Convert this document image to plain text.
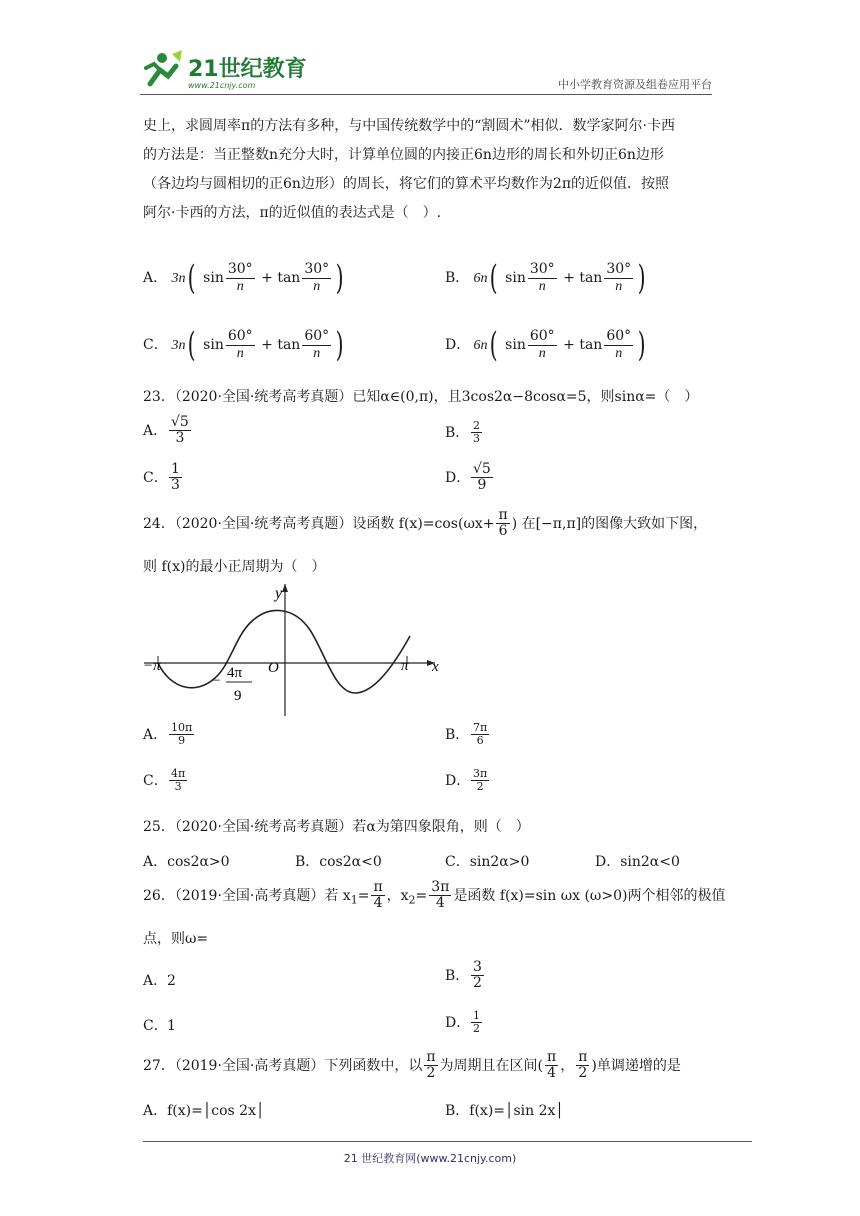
21世纪教育
www.21cnjy.com	中小学教育资源及组卷应用平台
史上，求圆周率π的方法有多种，与中国传统数学中的“割圆术”相似．数学家阿尔·卡西
的方法是：当正整数n充分大时，计算单位圆的内接正6n边形的周长和外切正6n边形
（各边均与圆相切的正6n边形）的周长，将它们的算术平均数作为2π的近似值．按照
阿尔·卡西的方法，π的近似值的表达式是（　）.
A． 3n( $\sin \frac{30^\circ}{n} + \tan \frac{30^\circ}{n}$ )	B． 6n( $\sin \frac{30^\circ}{n} + \tan \frac{30^\circ}{n}$ )
C． 3n( $\sin \frac{60^\circ}{n} + \tan \frac{60^\circ}{n}$ )	D． 6n( $\sin \frac{60^\circ}{n} + \tan \frac{60^\circ}{n}$ )
23．（2020·全国·统考高考真题）已知α∈(0,π)，且3cos2α−8cosα=5，则sinα=（　）
A． $\frac{√5}{3}$	B． $\frac{2}{3}$
C． $\frac{1}{3}$	D． $\frac{√5}{9}$
24．（2020·全国·统考高考真题）设函数 $f(x)=\cos(\omega x+ \frac{\pi}{6}$ ) 在[−π,π]的图像大致如下图，
则 f(x)的最小正周期为（　）
y
x
O
−π	π
− 4π
9
A． $\frac{10\pi}{9}$	B． $\frac{7\pi}{6}$
C． $\frac{4\pi}{3}$	D． $\frac{3\pi}{2}$
25．（2020·全国·统考高考真题）若α为第四象限角，则（　）
A．cos2α>0	B．cos2α<0	C．sin2α>0	D．sin2α<0
26．（2019·全国·高考真题）若 $x_1= \frac{\pi}{4}$ ，$x_2= \frac{3\pi}{4}$ 是函数 f(x)=sin ωx (ω>0)两个相邻的极值
点，则ω=
A．2	B． $\frac{3}{2}$
C．1	D． $\frac{1}{2}$
27．（2019·全国·高考真题）下列函数中，以 $\frac{\pi}{2}$ 为周期且在区间( $\frac{\pi}{4}$ ， $\frac{\pi}{2}$ )单调递增的是
A．f(x)=│cos 2x│	B．f(x)=│sin 2x│
21 世纪教育网(www.21cnjy.com)
